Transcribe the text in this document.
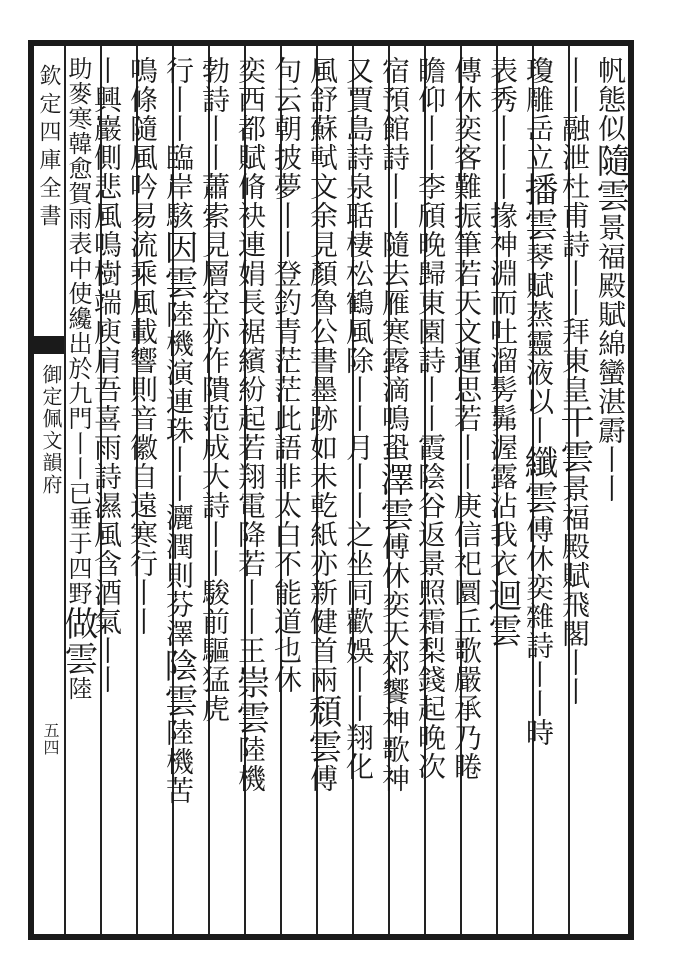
欽定四庫全書
御定佩文韻府
五四
帆態似隨雲景福殿賦綿蠻湛霨丨丨
丨丨融泄杜甫詩丨丨拜東皇干雲景福殿賦飛閣丨丨
瓊雕岳立播雲琴賦蒸靈液以丨纖雲傅休奕雜詩丨丨時
表秀丨丨丨掾神淵而吐溜髣髴渥露沾我衣迴雲
傳休奕客難振筆若天文運思若丨丨庚信祀圜丘歌嚴承乃睠
瞻仰丨丨李頎晚歸東園詩丨丨霞陰谷返景照霜梨錢起晚次
宿預館詩丨丨隨去雁寒露滴鳴蛩澤雲傅休奕天郊饗神歌神
又賈島詩泉聒棲松鶴風除丨丨月丨丨之坐同歡娛丨丨翔化
風舒蘇軾文余見顏魯公書墨跡如未乾紙亦新健首兩頹雲傅
句云朝披夢丨丨登釣青茫茫此語非太白不能道也休
奕西都賦脩袂連娟長裾繽紛起若翔電降若丨丨王崇雲陸機
勃詩丨丨蕭索見層空亦作隤范成大詩丨丨駿前驅猛虎
行丨丨臨岸駭因雲陸機演連珠丨丨灑潤則芬澤陰雲陸機苦
鳴條隨風吟易流乘風載響則音徽自遠寒行丨丨
丨興巖側悲風鳴樹端庾肩吾喜雨詩濕風含酒氣丨丨
助麥寒韓愈賀雨表中使纔出於九門丨丨已垂于四野做雲陸
